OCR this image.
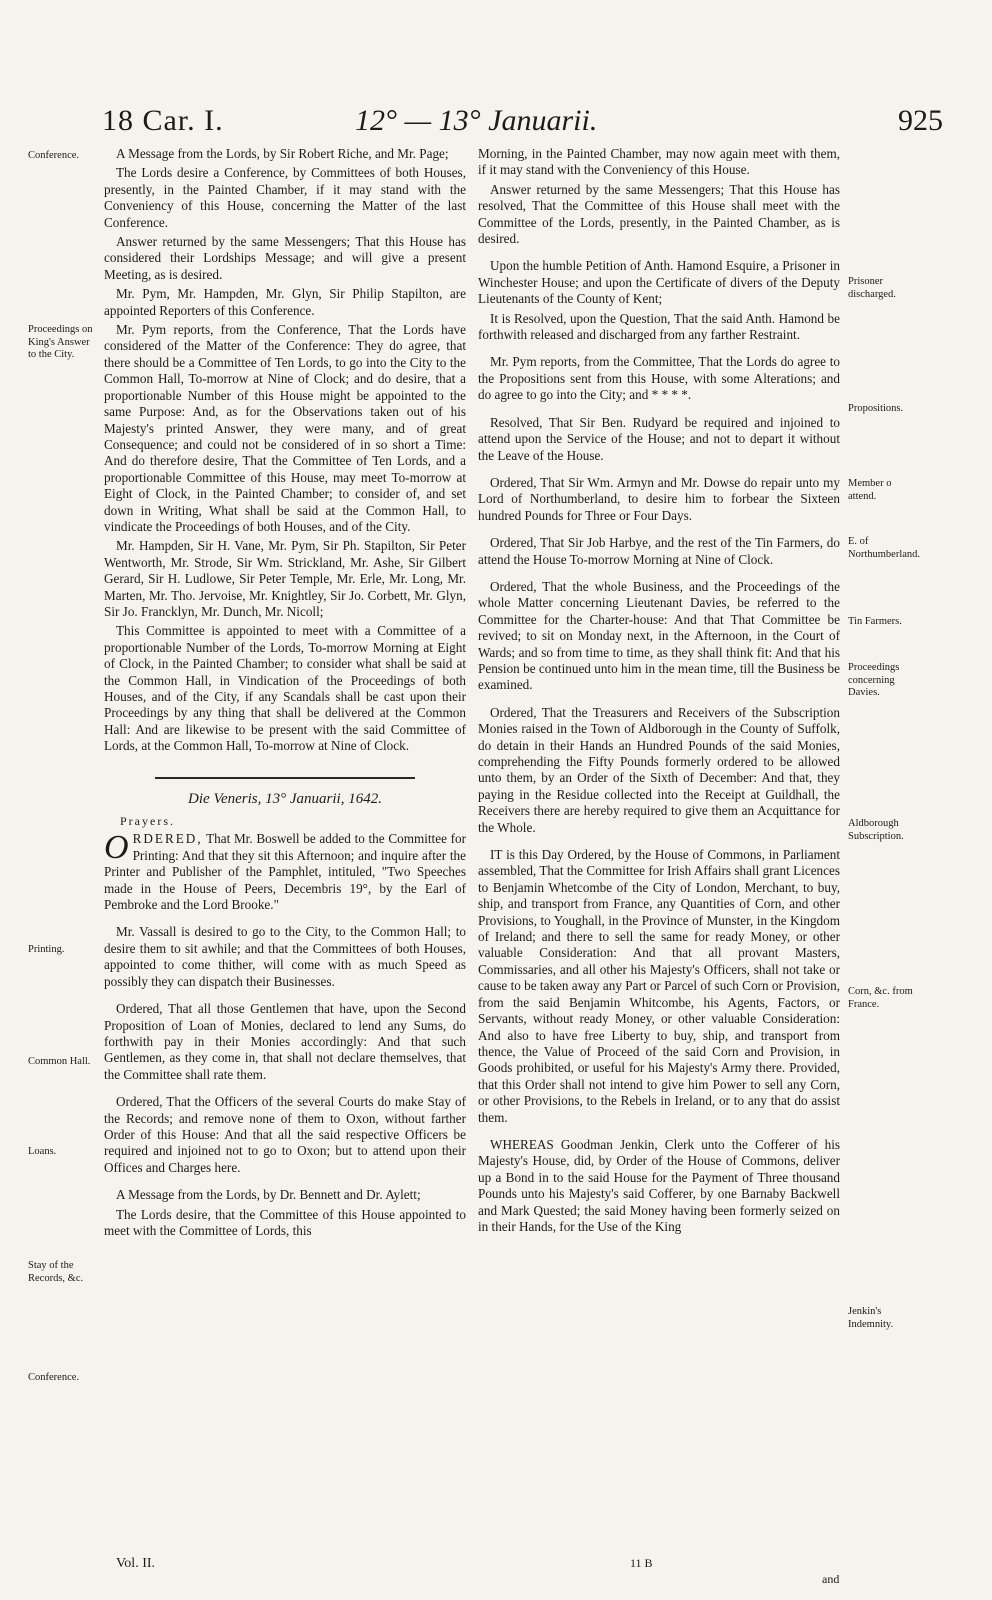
18 Car. I.	12° — 13° Januarii.	925
Conference.
Proceedings on King's Answer to the City.
Printing.
Common Hall.
Loans.
Stay of the Records, &c.
Conference.
Prisoner discharged.
Propositions.
Member o attend.
E. of Northumberland.
Tin Farmers.
Proceedings concerning Davies.
Aldborough Subscription.
Corn, &c. from France.
Jenkin's Indemnity.

A Message from the Lords, by Sir Robert Riche, and Mr. Page;

The Lords desire a Conference, by Committees of both Houses, presently, in the Painted Chamber, if it may stand with the Conveniency of this House, concerning the Matter of the last Conference.

Answer returned by the same Messengers; That this House has considered their Lordships Message; and will give a present Meeting, as is desired.

Mr. Pym, Mr. Hampden, Mr. Glyn, Sir Philip Stapilton, are appointed Reporters of this Conference.

Mr. Pym reports, from the Conference, That the Lords have considered of the Matter of the Conference: They do agree, that there should be a Committee of Ten Lords, to go into the City to the Common Hall, To-morrow at Nine of Clock; and do desire, that a proportionable Number of this House might be appointed to the same Purpose: And, as for the Observations taken out of his Majesty's printed Answer, they were many, and of great Consequence; and could not be considered of in so short a Time: And do therefore desire, That the Committee of Ten Lords, and a proportionable Committee of this House, may meet To-morrow at Eight of Clock, in the Painted Chamber; to consider of, and set down in Writing, What shall be said at the Common Hall, to vindicate the Proceedings of both Houses, and of the City.

Mr. Hampden, Sir H. Vane, Mr. Pym, Sir Ph. Stapilton, Sir Peter Wentworth, Mr. Strode, Sir Wm. Strickland, Mr. Ashe, Sir Gilbert Gerard, Sir H. Ludlowe, Sir Peter Temple, Mr. Erle, Mr. Long, Mr. Marten, Mr. Tho. Jervoise, Mr. Knightley, Sir Jo. Corbett, Mr. Glyn, Sir Jo. Francklyn, Mr. Dunch, Mr. Nicoll;

This Committee is appointed to meet with a Committee of a proportionable Number of the Lords, To-morrow Morning at Eight of Clock, in the Painted Chamber; to consider what shall be said at the Common Hall, in Vindication of the Proceedings of both Houses, and of the City, if any Scandals shall be cast upon their Proceedings by any thing that shall be delivered at the Common Hall: And are likewise to be present with the said Committee of Lords, at the Common Hall, To-morrow at Nine of Clock.

Die Veneris, 13° Januarii, 1642.

Prayers.

ORDERED, That Mr. Boswell be added to the Committee for Printing: And that they sit this Afternoon; and inquire after the Printer and Publisher of the Pamphlet, intituled, "Two Speeches made in the House of Peers, Decembris 19°, by the Earl of Pembroke and the Lord Brooke."

Mr. Vassall is desired to go to the City, to the Common Hall; to desire them to sit awhile; and that the Committees of both Houses, appointed to come thither, will come with as much Speed as possibly they can dispatch their Businesses.

Ordered, That all those Gentlemen that have, upon the Second Proposition of Loan of Monies, declared to lend any Sums, do forthwith pay in their Monies accordingly: And that such Gentlemen, as they come in, that shall not declare themselves, that the Committee shall rate them.

Ordered, That the Officers of the several Courts do make Stay of the Records; and remove none of them to Oxon, without farther Order of this House: And that all the said respective Officers be required and injoined not to go to Oxon; but to attend upon their Offices and Charges here.

A Message from the Lords, by Dr. Bennett and Dr. Aylett;

The Lords desire, that the Committee of this House appointed to meet with the Committee of Lords, this

Morning, in the Painted Chamber, may now again meet with them, if it may stand with the Conveniency of this House.

Answer returned by the same Messengers; That this House has resolved, That the Committee of this House shall meet with the Committee of the Lords, presently, in the Painted Chamber, as is desired.

Upon the humble Petition of Anth. Hamond Esquire, a Prisoner in Winchester House; and upon the Certificate of divers of the Deputy Lieutenants of the County of Kent;

It is Resolved, upon the Question, That the said Anth. Hamond be forthwith released and discharged from any farther Restraint.

Mr. Pym reports, from the Committee, That the Lords do agree to the Propositions sent from this House, with some Alterations; and do agree to go into the City; and * * * *.

Resolved, That Sir Ben. Rudyard be required and injoined to attend upon the Service of the House; and not to depart it without the Leave of the House.

Ordered, That Sir Wm. Armyn and Mr. Dowse do repair unto my Lord of Northumberland, to desire him to forbear the Sixteen hundred Pounds for Three or Four Days.

Ordered, That Sir Job Harbye, and the rest of the Tin Farmers, do attend the House To-morrow Morning at Nine of Clock.

Ordered, That the whole Business, and the Proceedings of the whole Matter concerning Lieutenant Davies, be referred to the Committee for the Charter-house: And that That Committee be revived; to sit on Monday next, in the Afternoon, in the Court of Wards; and so from time to time, as they shall think fit: And that his Pension be continued unto him in the mean time, till the Business be examined.

Ordered, That the Treasurers and Receivers of the Subscription Monies raised in the Town of Aldborough in the County of Suffolk, do detain in their Hands an Hundred Pounds of the said Monies, comprehending the Fifty Pounds formerly ordered to be allowed unto them, by an Order of the Sixth of December: And that, they paying in the Residue collected into the Receipt at Guildhall, the Receivers there are hereby required to give them an Acquittance for the Whole.

IT is this Day Ordered, by the House of Commons, in Parliament assembled, That the Committee for Irish Affairs shall grant Licences to Benjamin Whetcombe of the City of London, Merchant, to buy, ship, and transport from France, any Quantities of Corn, and other Provisions, to Youghall, in the Province of Munster, in the Kingdom of Ireland; and there to sell the same for ready Money, or other valuable Consideration: And that all provant Masters, Commissaries, and all other his Majesty's Officers, shall not take or cause to be taken away any Part or Parcel of such Corn or Provision, from the said Benjamin Whitcombe, his Agents, Factors, or Servants, without ready Money, or other valuable Consideration: And also to have free Liberty to buy, ship, and transport from thence, the Value of Proceed of the said Corn and Provision, in Goods prohibited, or useful for his Majesty's Army there. Provided, that this Order shall not intend to give him Power to sell any Corn, or other Provisions, to the Rebels in Ireland, or to any that do assist them.

WHEREAS Goodman Jenkin, Clerk unto the Cofferer of his Majesty's House, did, by Order of the House of Commons, deliver up a Bond in to the said House for the Payment of Three thousand Pounds unto his Majesty's said Cofferer, by one Barnaby Backwell and Mark Quested; the said Money having been formerly seized on in their Hands, for the Use of the King

Vol. II.	11 B
and
